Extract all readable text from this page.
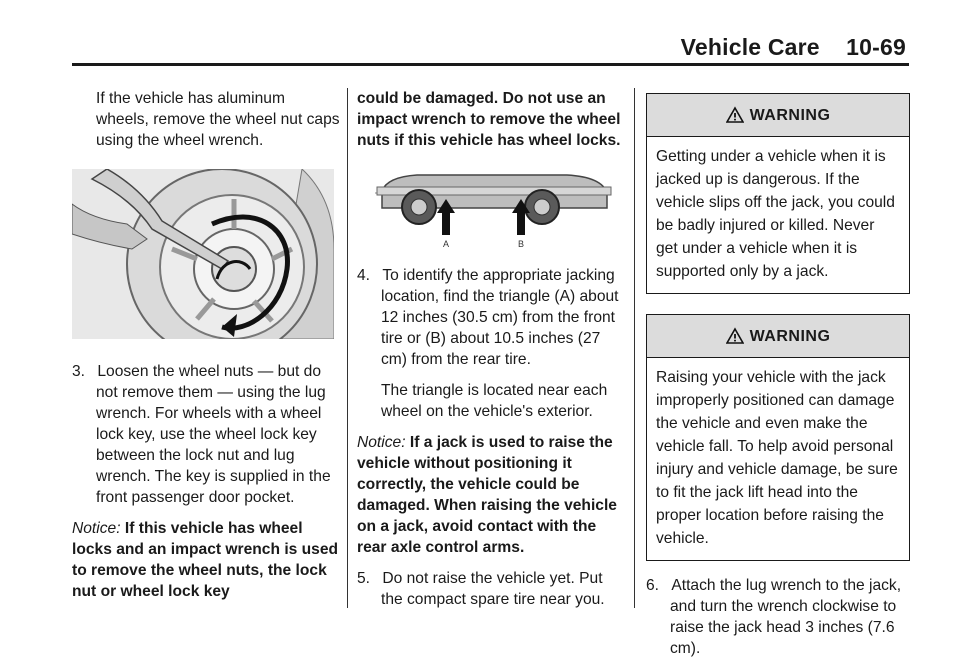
Vehicle Care    10-69

If the vehicle has aluminum wheels, remove the wheel nut caps using the wheel wrench.

3. Loosen the wheel nuts — but do not remove them — using the lug wrench. For wheels with a wheel lock key, use the wheel lock key between the lock nut and lug wrench. The key is supplied in the front passenger door pocket.

Notice: If this vehicle has wheel locks and an impact wrench is used to remove the wheel nuts, the lock nut or wheel lock key

could be damaged. Do not use an impact wrench to remove the wheel nuts if this vehicle has wheel locks.

A	B
4. To identify the appropriate jacking location, find the triangle (A) about 12 inches (30.5 cm) from the front tire or (B) about 10.5 inches (27 cm) from the rear tire.

The triangle is located near each wheel on the vehicle's exterior.

Notice: If a jack is used to raise the vehicle without positioning it correctly, the vehicle could be damaged. When raising the vehicle on a jack, avoid contact with the rear axle control arms.

5. Do not raise the vehicle yet. Put the compact spare tire near you.
WARNING
Getting under a vehicle when it is jacked up is dangerous. If the vehicle slips off the jack, you could be badly injured or killed. Never get under a vehicle when it is supported only by a jack.
WARNING
Raising your vehicle with the jack improperly positioned can damage the vehicle and even make the vehicle fall. To help avoid personal injury and vehicle damage, be sure to fit the jack lift head into the proper location before raising the vehicle.
6. Attach the lug wrench to the jack, and turn the wrench clockwise to raise the jack head 3 inches (7.6 cm).
